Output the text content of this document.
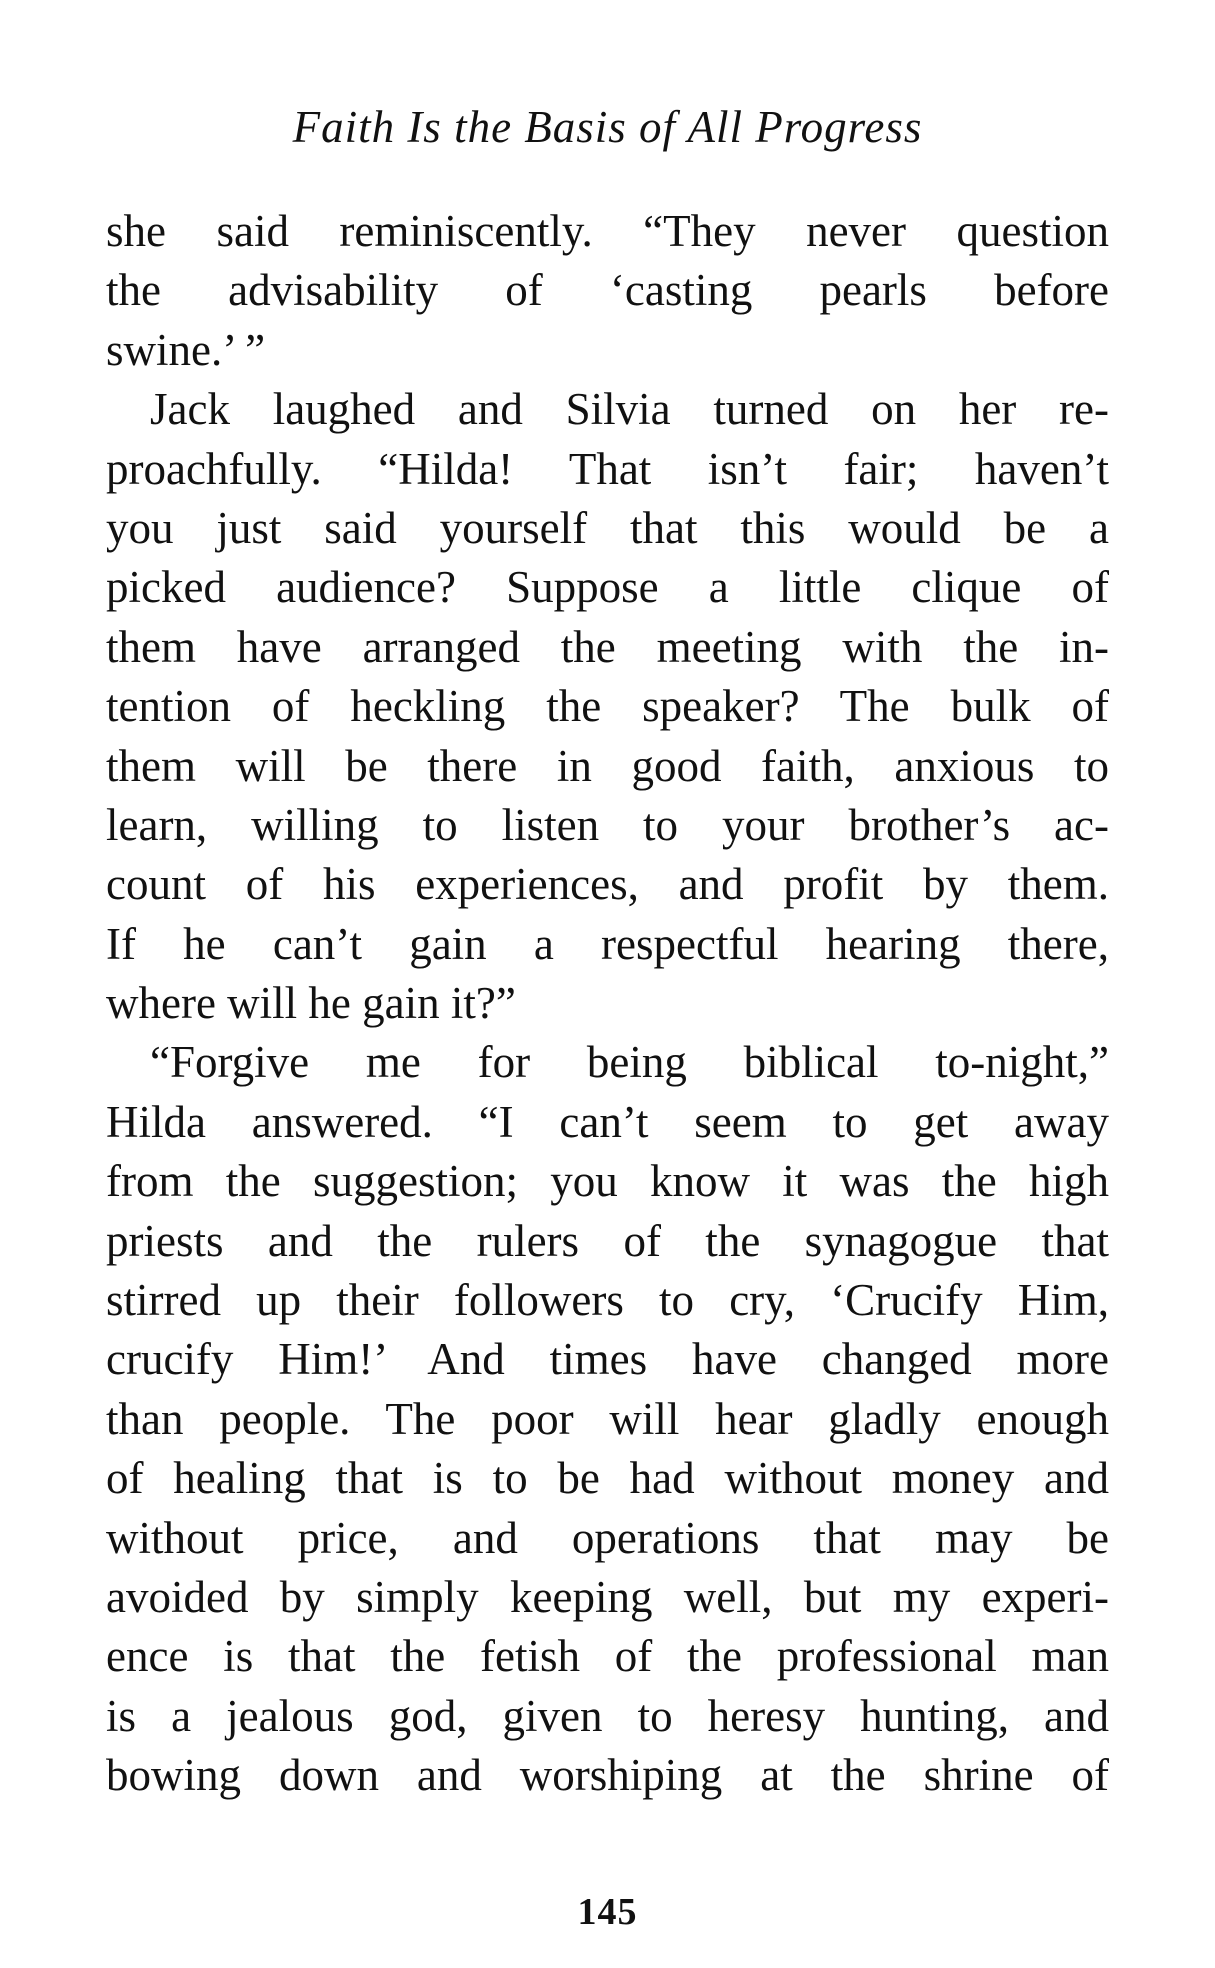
Faith Is the Basis of All Progress
she said reminiscently. “They never question
the advisability of ‘casting pearls before
swine.’ ”
Jack laughed and Silvia turned on her re-
proachfully. “Hilda! That isn’t fair; haven’t
you just said yourself that this would be a
picked audience? Suppose a little clique of
them have arranged the meeting with the in-
tention of heckling the speaker? The bulk of
them will be there in good faith, anxious to
learn, willing to listen to your brother’s ac-
count of his experiences, and profit by them.
If he can’t gain a respectful hearing there,
where will he gain it?”
“Forgive me for being biblical to-night,”
Hilda answered. “I can’t seem to get away
from the suggestion; you know it was the high
priests and the rulers of the synagogue that
stirred up their followers to cry, ‘Crucify Him,
crucify Him!’ And times have changed more
than people. The poor will hear gladly enough
of healing that is to be had without money and
without price, and operations that may be
avoided by simply keeping well, but my experi-
ence is that the fetish of the professional man
is a jealous god, given to heresy hunting, and
bowing down and worshiping at the shrine of
145
